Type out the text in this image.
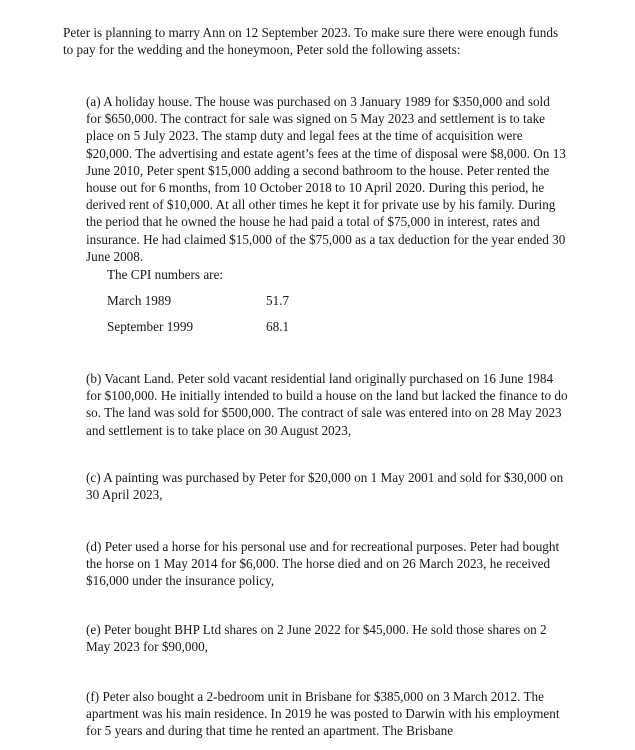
Peter is planning to marry Ann on 12 September 2023. To make sure there were enough funds to pay for the wedding and the honeymoon, Peter sold the following assets:

(a) A holiday house. The house was purchased on 3 January 1989 for $350,000 and sold for $650,000. The contract for sale was signed on 5 May 2023 and settlement is to take place on 5 July 2023. The stamp duty and legal fees at the time of acquisition were $20,000. The advertising and estate agent’s fees at the time of disposal were $8,000. On 13 June 2010, Peter spent $15,000 adding a second bathroom to the house. Peter rented the house out for 6 months, from 10 October 2018 to 10 April 2020. During this period, he derived rent of $10,000. At all other times he kept it for private use by his family. During the period that he owned the house he had paid a total of $75,000 in interest, rates and insurance. He had claimed $15,000 of the $75,000 as a tax deduction for the year ended 30 June 2008.

The CPI numbers are:

March 1989	51.7
September 1999	68.1

(b) Vacant Land. Peter sold vacant residential land originally purchased on 16 June 1984 for $100,000. He initially intended to build a house on the land but lacked the finance to do so. The land was sold for $500,000. The contract of sale was entered into on 28 May 2023 and settlement is to take place on 30 August 2023,

(c) A painting was purchased by Peter for $20,000 on 1 May 2001 and sold for $30,000 on 30 April 2023,

(d) Peter used a horse for his personal use and for recreational purposes. Peter had bought the horse on 1 May 2014 for $6,000. The horse died and on 26 March 2023, he received $16,000 under the insurance policy,

(e) Peter bought BHP Ltd shares on 2 June 2022 for $45,000. He sold those shares on 2 May 2023 for $90,000,

(f) Peter also bought a 2-bedroom unit in Brisbane for $385,000 on 3 March 2012. The apartment was his main residence. In 2019 he was posted to Darwin with his employment for 5 years and during that time he rented an apartment. The Brisbane
